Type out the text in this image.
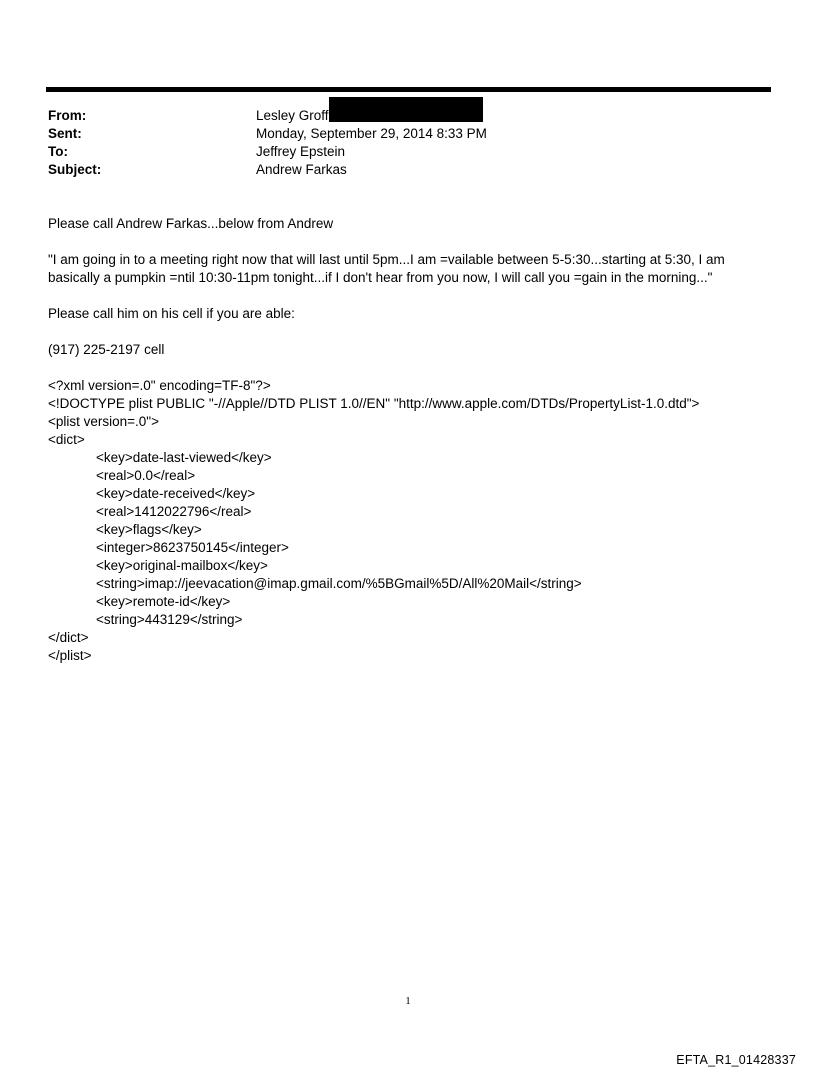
From:	Lesley Groff
Sent:	Monday, September 29, 2014 8:33 PM
To:	Jeffrey Epstein
Subject:	Andrew Farkas

Please call Andrew Farkas...below from Andrew

"I am going in to a meeting right now that will last until 5pm...I am =vailable between 5-5:30...starting at 5:30, I am basically a pumpkin =ntil 10:30-11pm tonight...if I don't hear from you now, I will call you =gain in the morning..."

Please call him on his cell if you are able:

(917) 225-2197 cell

<?xml version=.0" encoding=TF-8"?>
<!DOCTYPE plist PUBLIC "-//Apple//DTD PLIST 1.0//EN" "http://www.apple.com/DTDs/PropertyList-1.0.dtd">
<plist version=.0">
<dict>
<key>date-last-viewed</key>
<real>0.0</real>
<key>date-received</key>
<real>1412022796</real>
<key>flags</key>
<integer>8623750145</integer>
<key>original-mailbox</key>
<string>imap://jeevacation@imap.gmail.com/%5BGmail%5D/All%20Mail</string>
<key>remote-id</key>
<string>443129</string>
</dict>
</plist>
1
EFTA_R1_01428337
